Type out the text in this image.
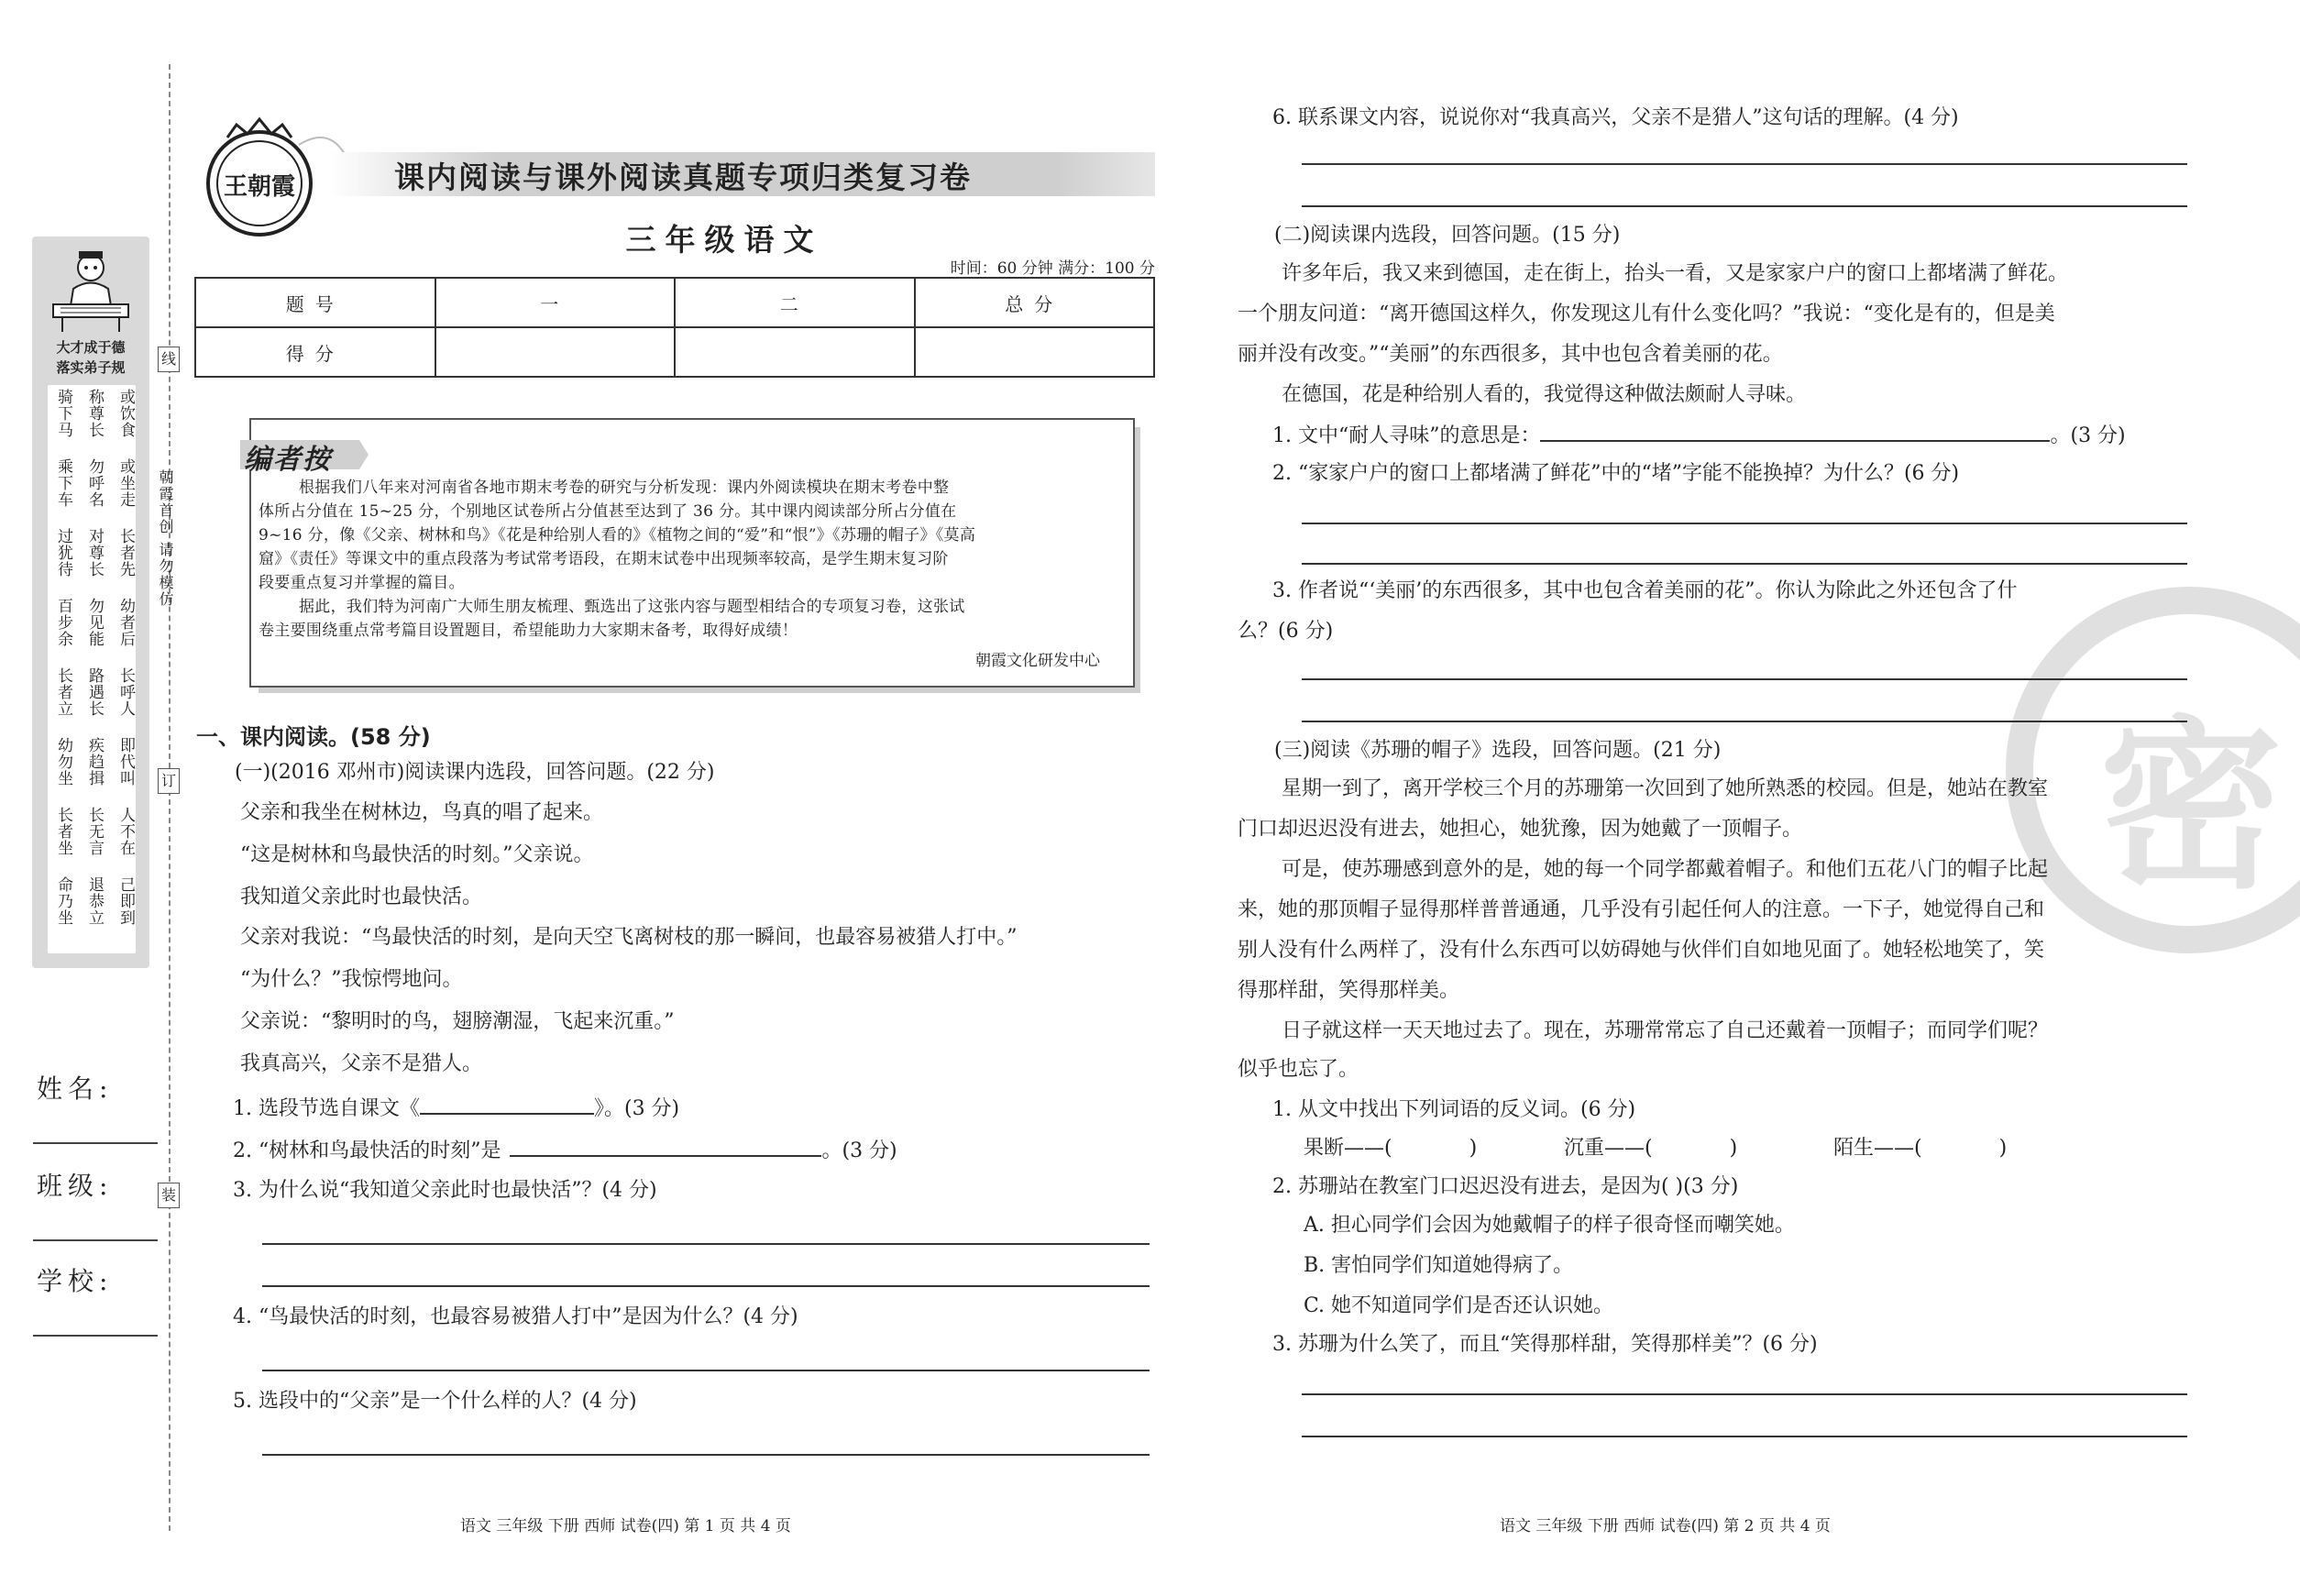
线
订
装
朝霞首创 请勿模仿
大才成于德
落实弟子规
骑下马 称尊长 或饮食
乘下车 勿呼名 或坐走
过犹待 对尊长 长者先
百步余 勿见能 幼者后
长者立 路遇长 长呼人
幼勿坐 疾趋揖 即代叫
长者坐 长无言 人不在
命乃坐 退恭立 己即到
姓名:
班级:
学校:
王朝霞	课内阅读与课外阅读真题专项归类复习卷
三年级语文
时间：60 分钟 满分：100 分
题号	一	二	总分
得分			
编者按
根据我们八年来对河南省各地市期末考卷的研究与分析发现：课内外阅读模块在期末考卷中整
体所占分值在 15~25 分，个别地区试卷所占分值甚至达到了 36 分。其中课内阅读部分所占分值在
9~16 分，像《父亲、树林和鸟》《花是种给别人看的》《植物之间的“爱”和“恨”》《苏珊的帽子》《莫高
窟》《责任》等课文中的重点段落为考试常考语段，在期末试卷中出现频率较高，是学生期末复习阶
段要重点复习并掌握的篇目。
据此，我们特为河南广大师生朋友梳理、甄选出了这张内容与题型相结合的专项复习卷，这张试
卷主要围绕重点常考篇目设置题目，希望能助力大家期末备考，取得好成绩！
朝霞文化研发中心
一、课内阅读。(58 分)
(一)(2016 邓州市)阅读课内选段，回答问题。(22 分)
父亲和我坐在树林边，鸟真的唱了起来。
“这是树林和鸟最快活的时刻。”父亲说。
我知道父亲此时也最快活。
父亲对我说：“鸟最快活的时刻，是向天空飞离树枝的那一瞬间，也最容易被猎人打中。”
“为什么？”我惊愕地问。
父亲说：“黎明时的鸟，翅膀潮湿，飞起来沉重。”
我真高兴，父亲不是猎人。
1. 选段节选自课文《	》。(3 分)
2. “树林和鸟最快活的时刻”是	。(3 分)
3. 为什么说“我知道父亲此时也最快活”？(4 分)
4. “鸟最快活的时刻，也最容易被猎人打中”是因为什么？(4 分)
5. 选段中的“父亲”是一个什么样的人？(4 分)
语文 三年级 下册 西师 试卷(四) 第 1 页 共 4 页
密
6. 联系课文内容，说说你对“我真高兴，父亲不是猎人”这句话的理解。(4 分)
(二)阅读课内选段，回答问题。(15 分)
许多年后，我又来到德国，走在街上，抬头一看，又是家家户户的窗口上都堵满了鲜花。
一个朋友问道：“离开德国这样久，你发现这儿有什么变化吗？”我说：“变化是有的，但是美
丽并没有改变。”“美丽”的东西很多，其中也包含着美丽的花。
在德国，花是种给别人看的，我觉得这种做法颇耐人寻味。
1. 文中“耐人寻味”的意思是：	。(3 分)
2. “家家户户的窗口上都堵满了鲜花”中的“堵”字能不能换掉？为什么？(6 分)
3. 作者说“‘美丽’的东西很多，其中也包含着美丽的花”。你认为除此之外还包含了什
么？(6 分)
(三)阅读《苏珊的帽子》选段，回答问题。(21 分)
星期一到了，离开学校三个月的苏珊第一次回到了她所熟悉的校园。但是，她站在教室
门口却迟迟没有进去，她担心，她犹豫，因为她戴了一顶帽子。
可是，使苏珊感到意外的是，她的每一个同学都戴着帽子。和他们五花八门的帽子比起
来，她的那顶帽子显得那样普普通通，几乎没有引起任何人的注意。一下子，她觉得自己和
别人没有什么两样了，没有什么东西可以妨碍她与伙伴们自如地见面了。她轻松地笑了，笑
得那样甜，笑得那样美。
日子就这样一天天地过去了。现在，苏珊常常忘了自己还戴着一顶帽子；而同学们呢？
似乎也忘了。
1. 从文中找出下列词语的反义词。(6 分)
果断——(	)	沉重——(	)	陌生——(	)
2. 苏珊站在教室门口迟迟没有进去，是因为( )(3 分)
A. 担心同学们会因为她戴帽子的样子很奇怪而嘲笑她。
B. 害怕同学们知道她得病了。
C. 她不知道同学们是否还认识她。
3. 苏珊为什么笑了，而且“笑得那样甜，笑得那样美”？(6 分)
语文 三年级 下册 西师 试卷(四) 第 2 页 共 4 页
